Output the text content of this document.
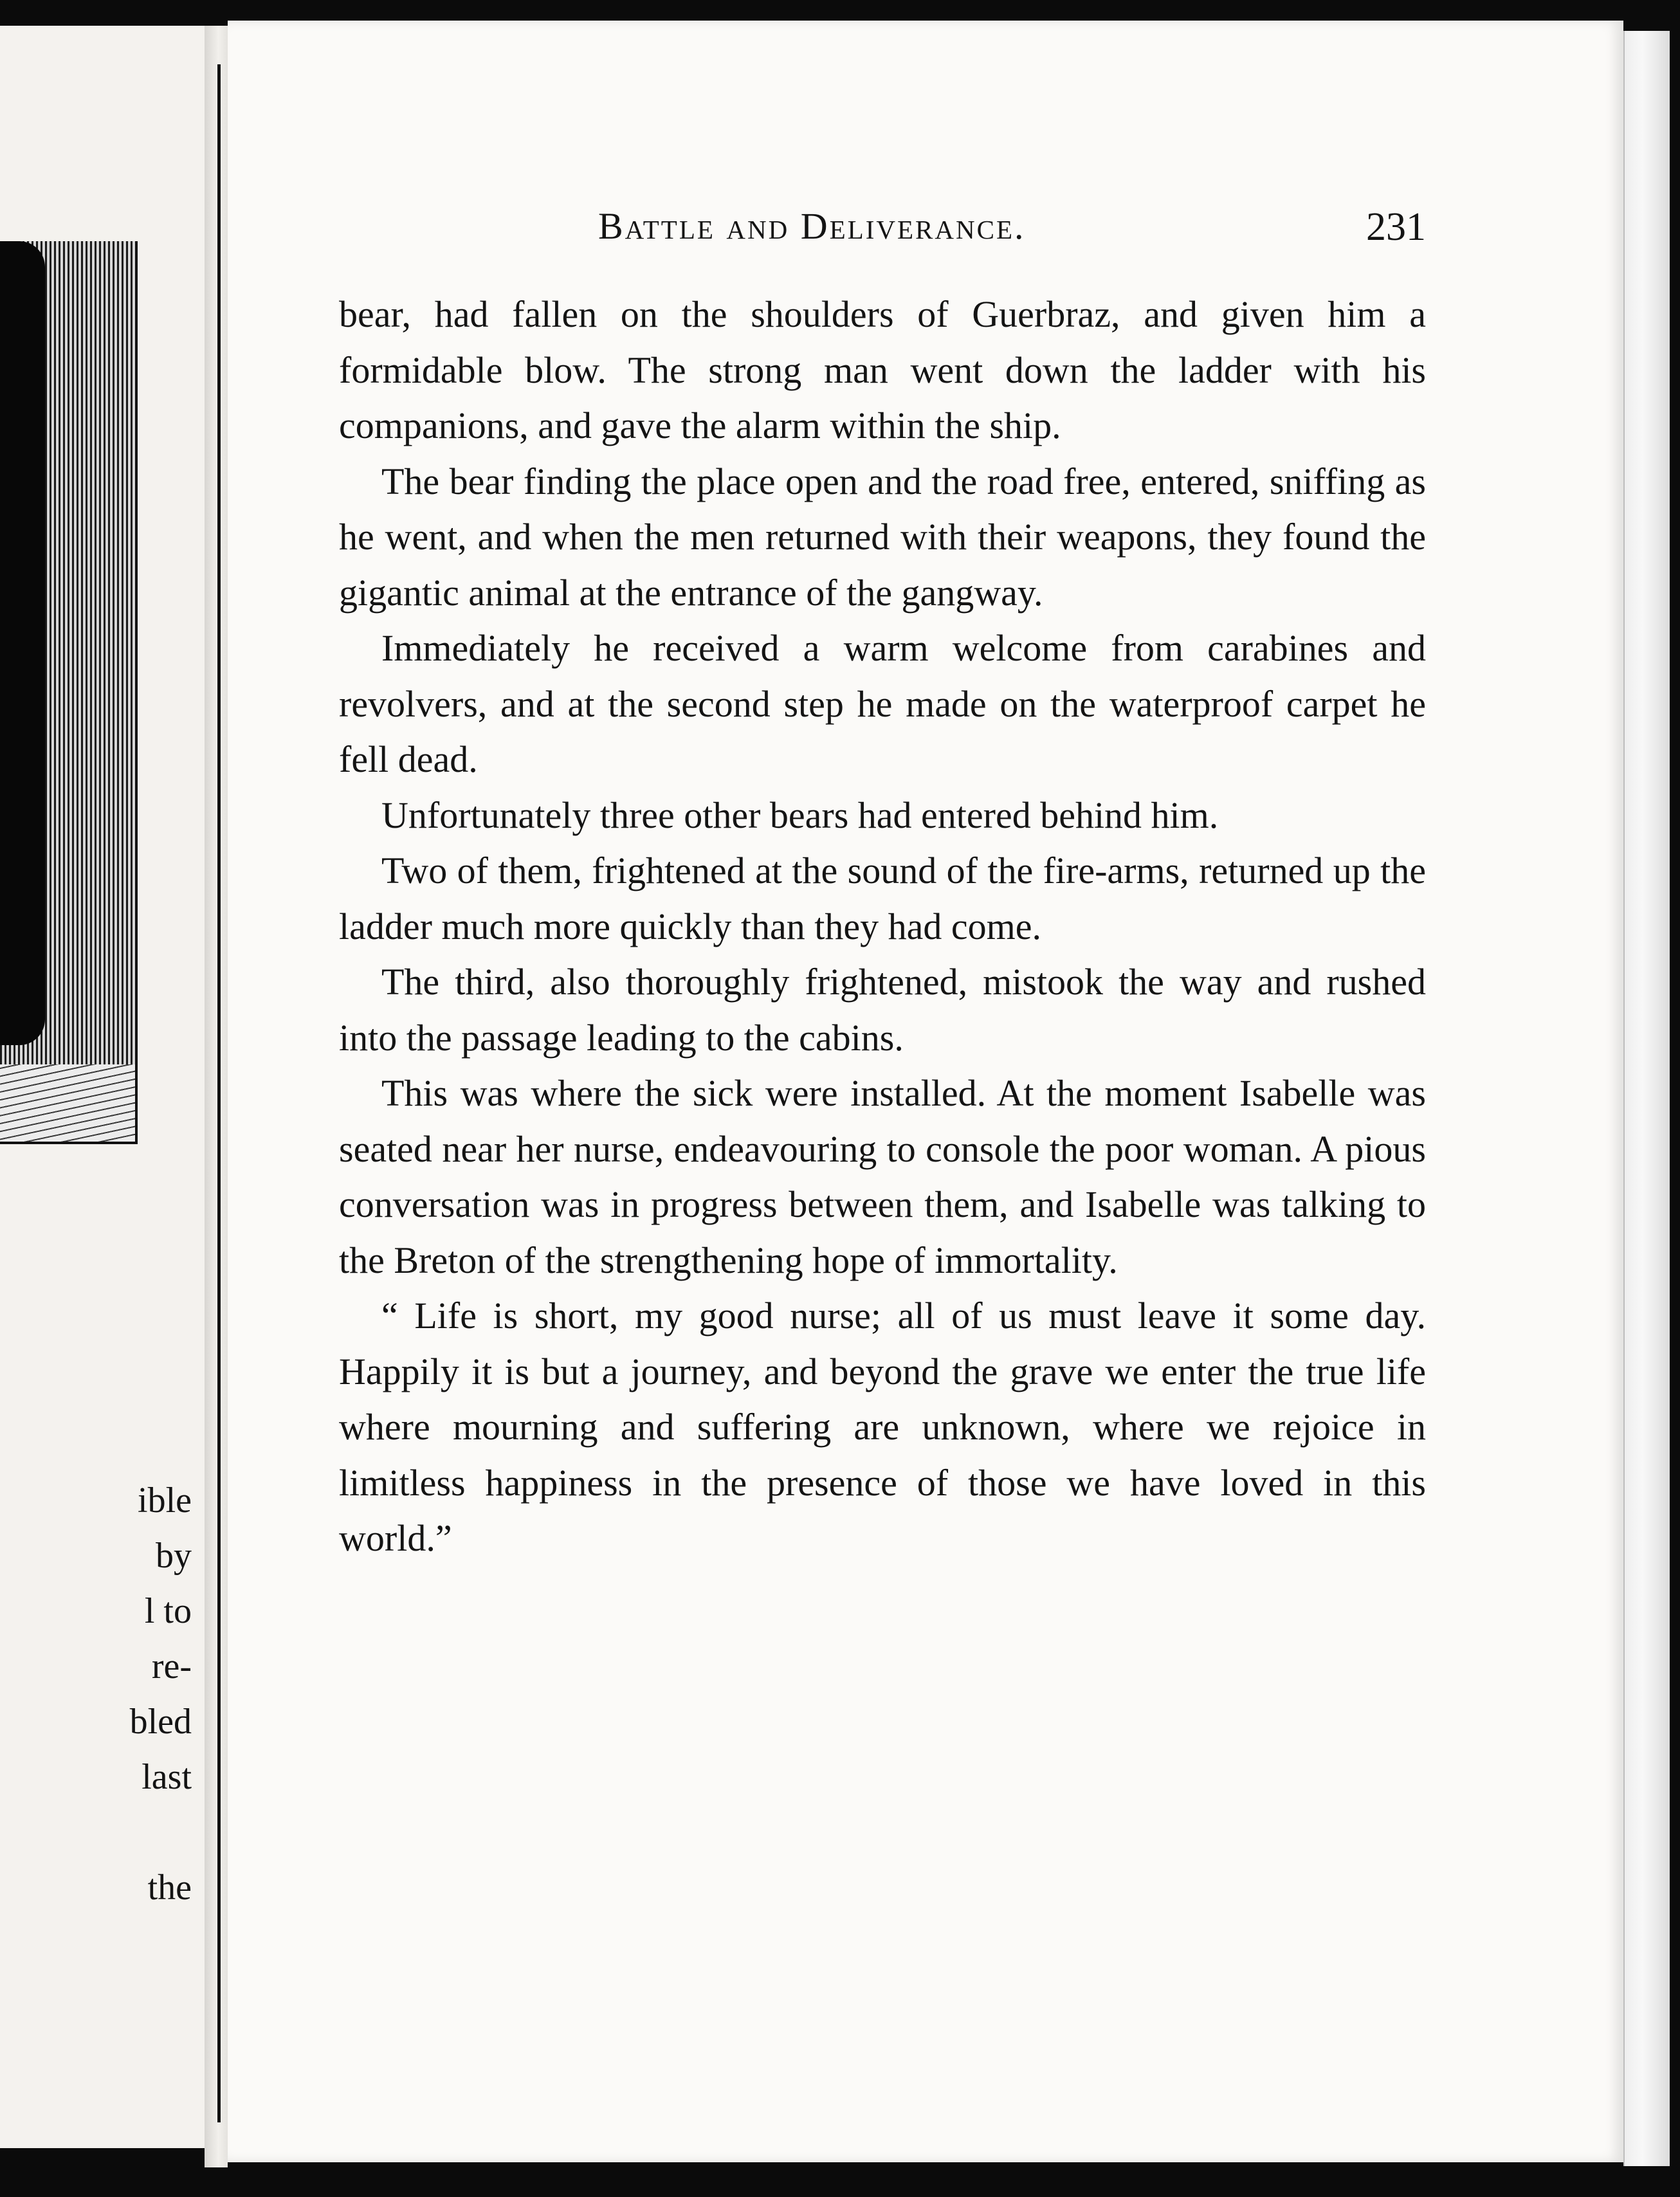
ible
by
l to
re-
bled
last
the
Battle and Deliverance.	231

bear, had fallen on the shoulders of Guerbraz, and given him a formidable blow. The strong man went down the ladder with his companions, and gave the alarm within the ship.

The bear finding the place open and the road free, entered, sniffing as he went, and when the men returned with their weapons, they found the gigantic animal at the entrance of the gangway.

Immediately he received a warm welcome from carabines and revolvers, and at the second step he made on the waterproof carpet he fell dead.

Unfortunately three other bears had entered behind him.

Two of them, frightened at the sound of the fire-arms, returned up the ladder much more quickly than they had come.

The third, also thoroughly frightened, mistook the way and rushed into the passage leading to the cabins.

This was where the sick were installed. At the moment Isabelle was seated near her nurse, endeavouring to console the poor woman. A pious conversation was in progress between them, and Isabelle was talking to the Breton of the strengthening hope of immortality.

“ Life is short, my good nurse; all of us must leave it some day. Happily it is but a journey, and beyond the grave we enter the true life where mourning and suffering are unknown, where we rejoice in limitless happiness in the presence of those we have loved in this world.”
